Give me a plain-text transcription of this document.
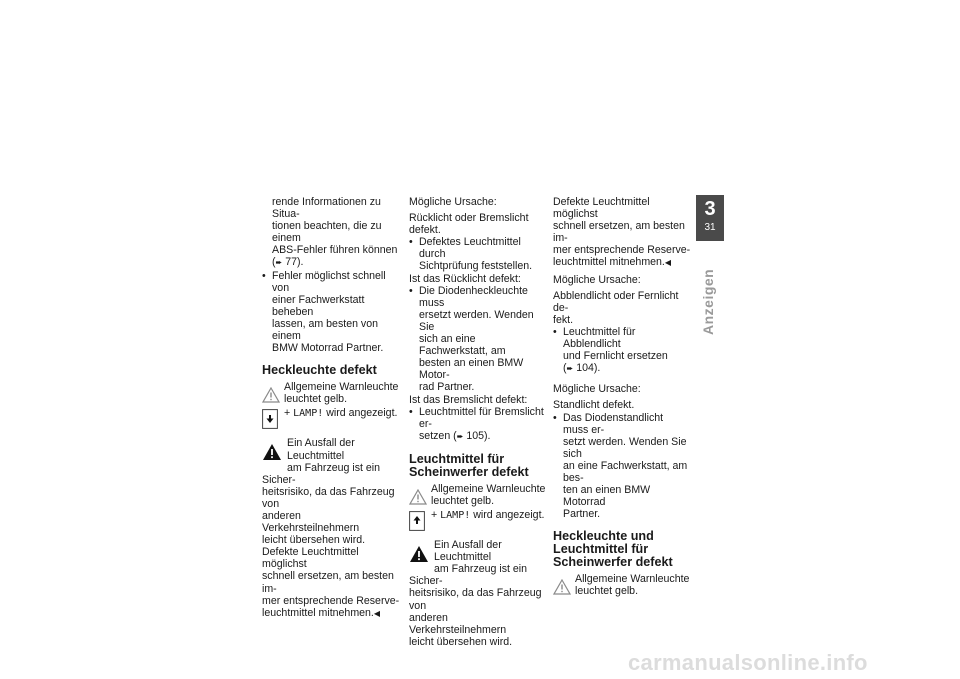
rende Informationen zu Situa-
tionen beachten, die zu einem
ABS-Fehler führen können
(➨ 77).

• Fehler möglichst schnell von
einer Fachwerkstatt beheben
lassen, am besten von einem
BMW Motorrad Partner.

Heckleuchte defekt
Allgemeine Warnleuchte
leuchtet gelb.
+ LAMP! wird angezeigt.
Ein Ausfall der Leuchtmittel
am Fahrzeug ist ein Sicher-
heitsrisiko, da das Fahrzeug von
anderen Verkehrsteilnehmern
leicht übersehen wird.

Defekte Leuchtmittel möglichst
schnell ersetzen, am besten im-
mer entsprechende Reserve-
leuchtmittel mitnehmen.◀

Mögliche Ursache:

Rücklicht oder Bremslicht defekt.

• Defektes Leuchtmittel durch
Sichtprüfung feststellen.

Ist das Rücklicht defekt:

• Die Diodenheckleuchte muss
ersetzt werden. Wenden Sie
sich an eine Fachwerkstatt, am
besten an einen BMW Motor-
rad Partner.

Ist das Bremslicht defekt:

• Leuchtmittel für Bremslicht er-
setzen (➨ 105).

Leuchtmittel für
Scheinwerfer defekt
Allgemeine Warnleuchte
leuchtet gelb.
+ LAMP! wird angezeigt.
Ein Ausfall der Leuchtmittel
am Fahrzeug ist ein Sicher-
heitsrisiko, da das Fahrzeug von
anderen Verkehrsteilnehmern
leicht übersehen wird.

Defekte Leuchtmittel möglichst
schnell ersetzen, am besten im-
mer entsprechende Reserve-
leuchtmittel mitnehmen.◀

Mögliche Ursache:

Abblendlicht oder Fernlicht de-
fekt.

• Leuchtmittel für Abblendlicht
und Fernlicht ersetzen
(➨ 104).

Mögliche Ursache:

Standlicht defekt.

• Das Diodenstandlicht muss er-
setzt werden. Wenden Sie sich
an eine Fachwerkstatt, am bes-
ten an einen BMW Motorrad
Partner.

Heckleuchte und
Leuchtmittel für
Scheinwerfer defekt
Allgemeine Warnleuchte
leuchtet gelb.
3
31
Anzeigen
carmanualsonline.info
